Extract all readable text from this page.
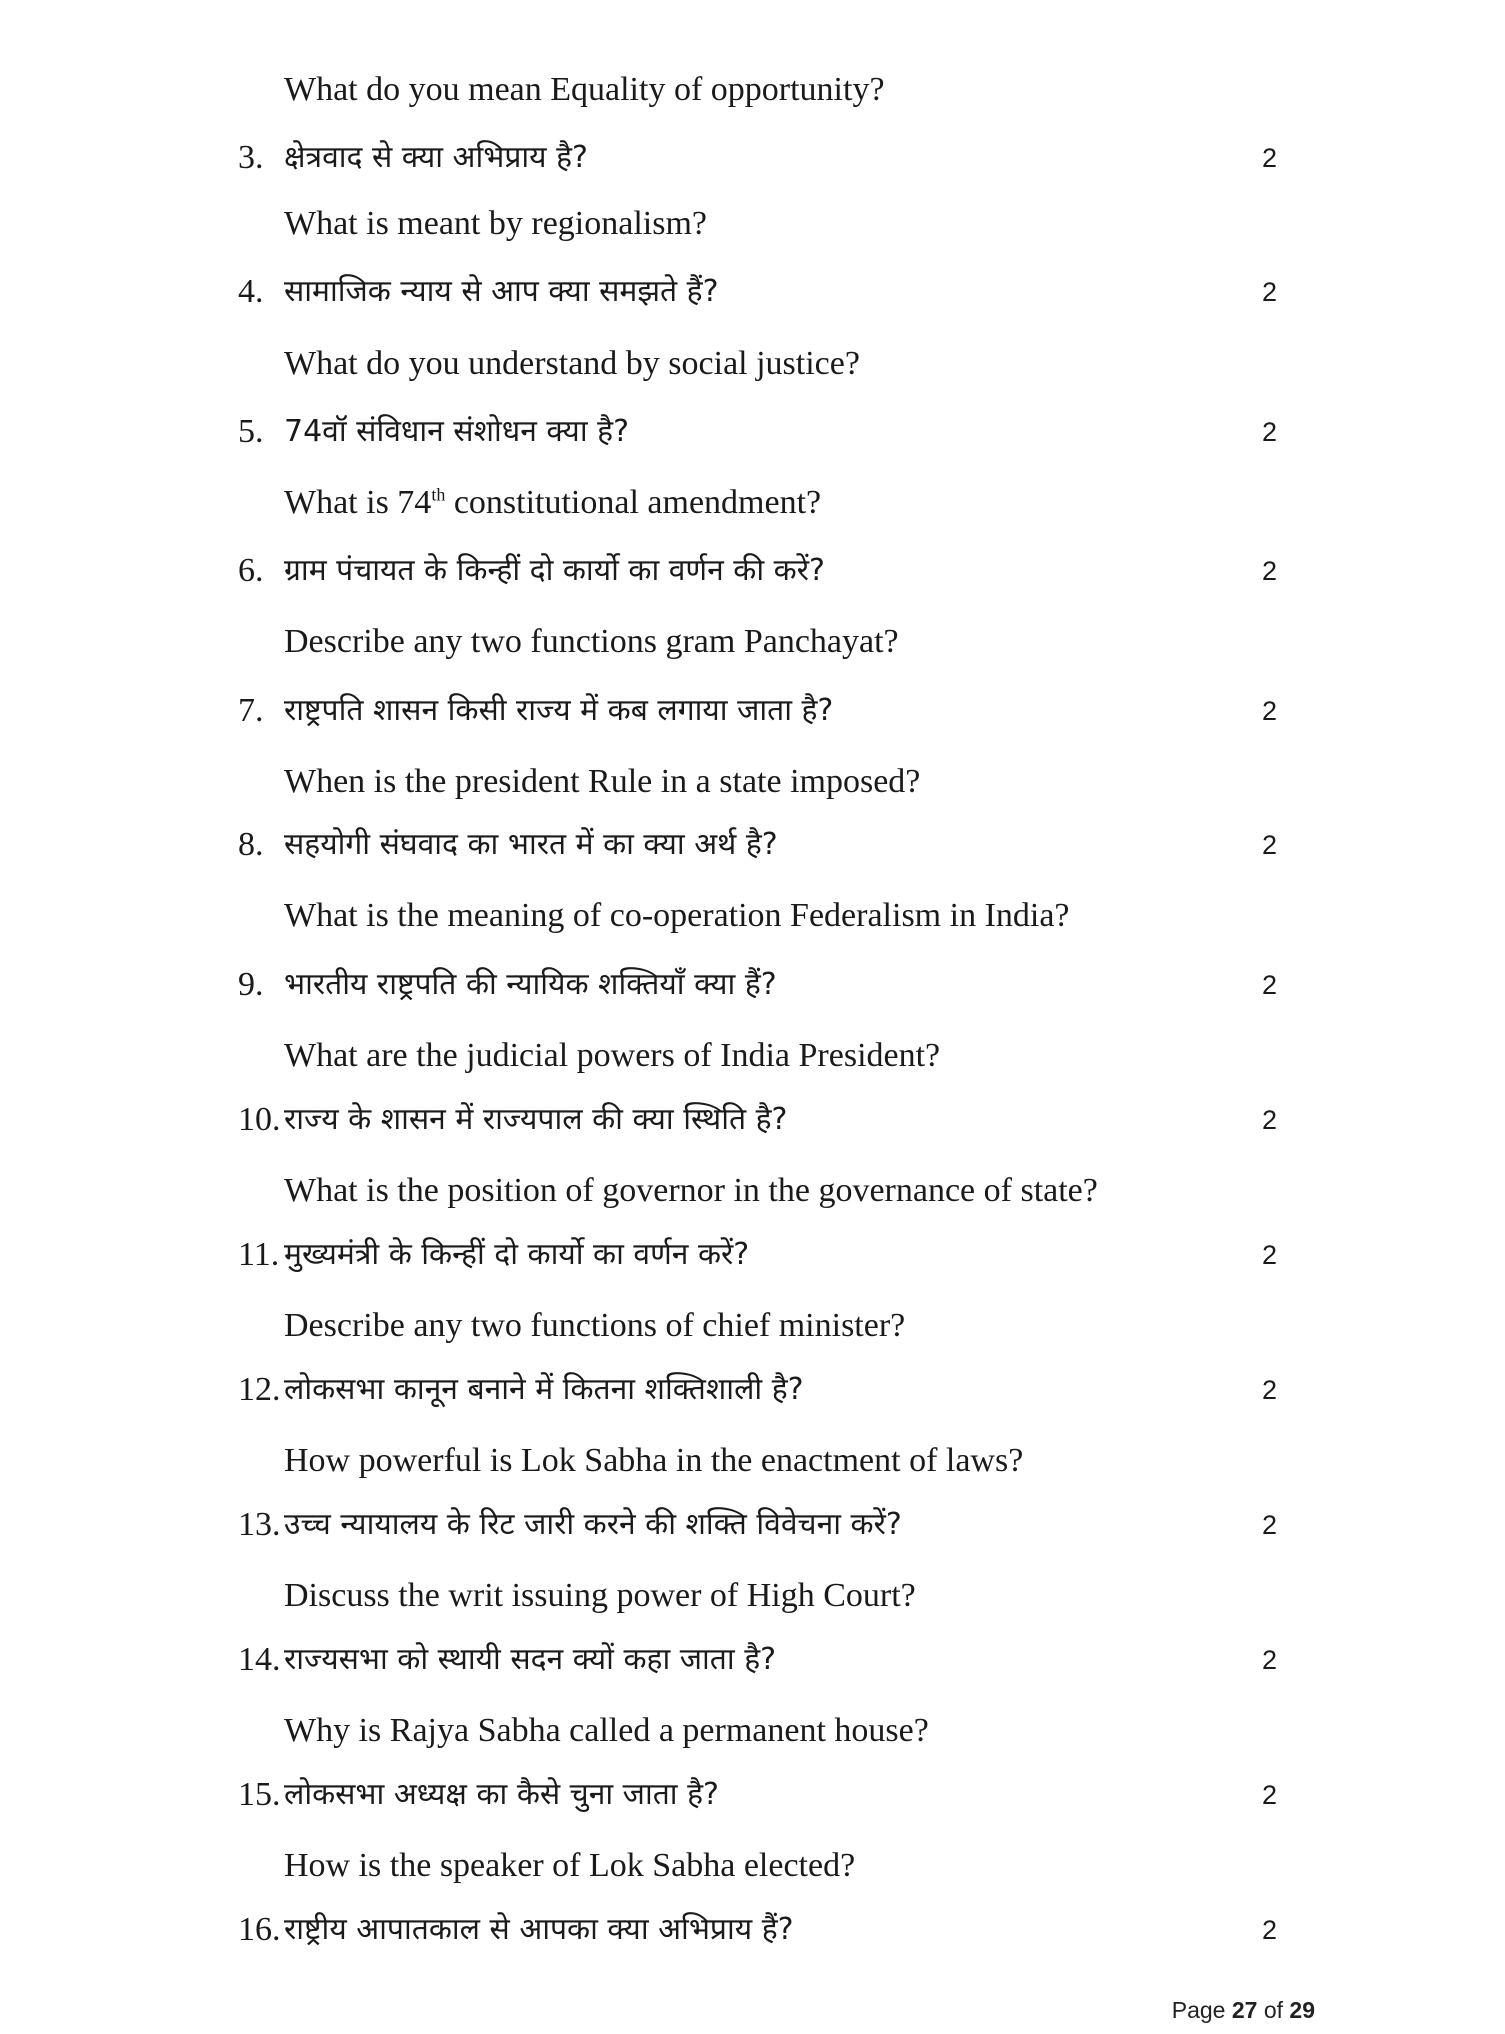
What do you mean Equality of opportunity?
3. क्षेत्रवाद से क्या अभिप्राय है?	2
What is meant by regionalism?
4. सामाजिक न्याय से आप क्या समझते हैं?	2
What do you understand by social justice?
5. 74वॉ संविधान संशोधन क्या है?	2
What is 74th constitutional amendment?
6. ग्राम पंचायत के किन्हीं दो कार्यो का वर्णन की करें?	2
Describe any two functions gram Panchayat?
7. राष्ट्रपति शासन किसी राज्य में कब लगाया जाता है?	2
When is the president Rule in a state imposed?
8. सहयोगी संघवाद का भारत में का क्या अर्थ है?	2
What is the meaning of co-operation Federalism in India?
9. भारतीय राष्ट्रपति की न्यायिक शक्तियाँ क्या हैं?	2
What are the judicial powers of India President?
10. राज्य के शासन में राज्यपाल की क्या स्थिति है?	2
What is the position of governor in the governance of state?
11. मुख्यमंत्री के किन्हीं दो कार्यो का वर्णन करें?	2
Describe any two functions of chief minister?
12. लोकसभा कानून बनाने में कितना शक्तिशाली है?	2
How powerful is Lok Sabha in the enactment of laws?
13. उच्च न्यायालय के रिट जारी करने की शक्ति विवेचना करें?	2
Discuss the writ issuing power of High Court?
14. राज्यसभा को स्थायी सदन क्यों कहा जाता है?	2
Why is Rajya Sabha called a permanent house?
15. लोकसभा अध्यक्ष का कैसे चुना जाता है?	2
How is the speaker of Lok Sabha elected?
16. राष्ट्रीय आपातकाल से आपका क्या अभिप्राय हैं?	2
Page 27 of 29
